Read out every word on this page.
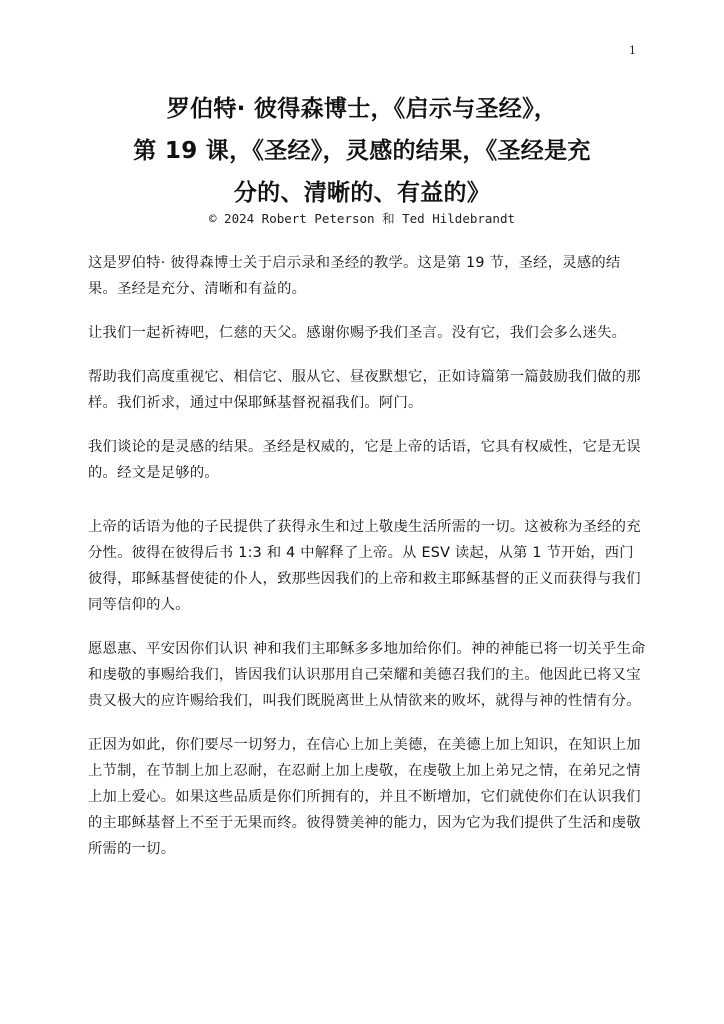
1

罗伯特· 彼得森博士，《启示与圣经》，

第 19 课，《圣经》，灵感的结果，《圣经是充

分的、清晰的、有益的》

© 2024 Robert Peterson 和 Ted Hildebrandt

这是罗伯特· 彼得森博士关于启示录和圣经的教学。这是第 19 节，圣经，灵感的结果。圣经是充分、清晰和有益的。

让我们一起祈祷吧，仁慈的天父。感谢你赐予我们圣言。没有它，我们会多么迷失。

帮助我们高度重视它、相信它、服从它、昼夜默想它，正如诗篇第一篇鼓励我们做的那样。我们祈求，通过中保耶稣基督祝福我们。阿门。

我们谈论的是灵感的结果。圣经是权威的，它是上帝的话语，它具有权威性，它是无误的。经文是足够的。

上帝的话语为他的子民提供了获得永生和过上敬虔生活所需的一切。这被称为圣经的充分性。彼得在彼得后书 1:3 和 4 中解释了上帝。从 ESV 读起，从第 1 节开始，西门彼得，耶稣基督使徒的仆人，致那些因我们的上帝和救主耶稣基督的正义而获得与我们同等信仰的人。

愿恩惠、平安因你们认识 神和我们主耶稣多多地加给你们。神的神能已将一切关乎生命和虔敬的事赐给我们，皆因我们认识那用自己荣耀和美德召我们的主。他因此已将又宝贵又极大的应许赐给我们，叫我们既脱离世上从情欲来的败坏，就得与神的性情有分。

正因为如此，你们要尽一切努力，在信心上加上美德，在美德上加上知识，在知识上加上节制，在节制上加上忍耐，在忍耐上加上虔敬，在虔敬上加上弟兄之情，在弟兄之情上加上爱心。如果这些品质是你们所拥有的，并且不断增加，它们就使你们在认识我们的主耶稣基督上不至于无果而终。彼得赞美神的能力，因为它为我们提供了生活和虔敬所需的一切。
